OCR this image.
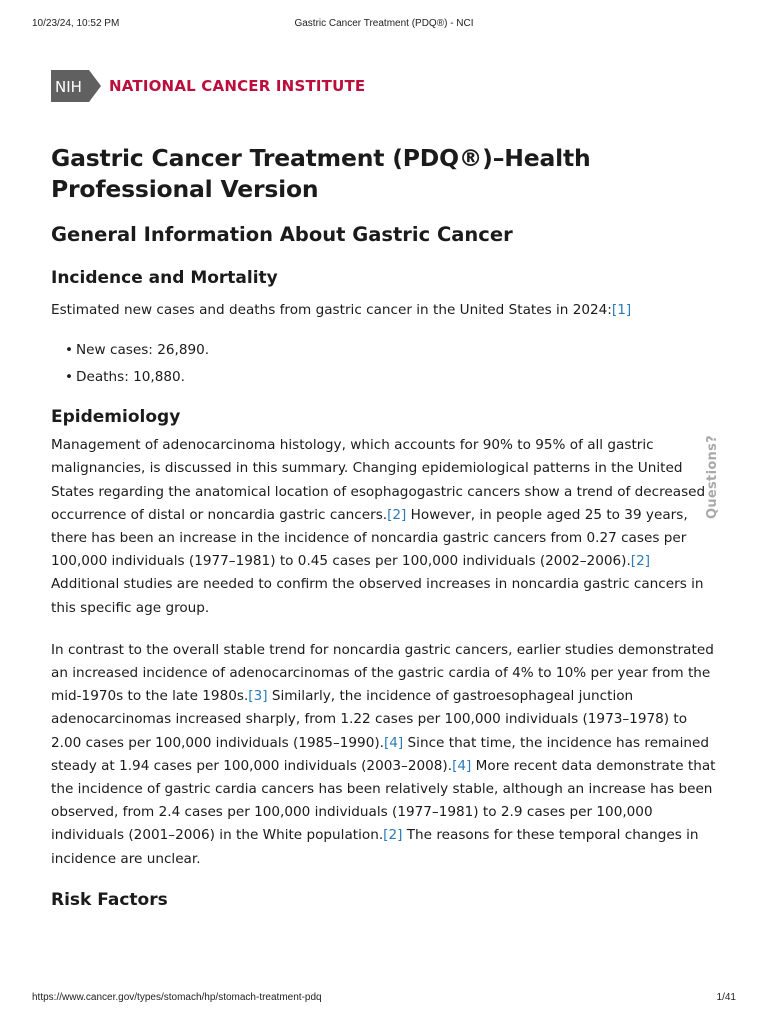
10/23/24, 10:52 PM	Gastric Cancer Treatment (PDQ®) - NCI
NIH NATIONAL CANCER INSTITUTE
Gastric Cancer Treatment (PDQ®)–Health Professional Version
General Information About Gastric Cancer
Incidence and Mortality

Estimated new cases and deaths from gastric cancer in the United States in 2024:[1]

• New cases: 26,890.
• Deaths: 10,880.
Epidemiology

Management of adenocarcinoma histology, which accounts for 90% to 95% of all gastric malignancies, is discussed in this summary. Changing epidemiological patterns in the United States regarding the anatomical location of esophagogastric cancers show a trend of decreased occurrence of distal or noncardia gastric cancers.[2] However, in people aged 25 to 39 years, there has been an increase in the incidence of noncardia gastric cancers from 0.27 cases per 100,000 individuals (1977–1981) to 0.45 cases per 100,000 individuals (2002–2006).[2] Additional studies are needed to confirm the observed increases in noncardia gastric cancers in this specific age group.

In contrast to the overall stable trend for noncardia gastric cancers, earlier studies demonstrated an increased incidence of adenocarcinomas of the gastric cardia of 4% to 10% per year from the mid-1970s to the late 1980s.[3] Similarly, the incidence of gastroesophageal junction adenocarcinomas increased sharply, from 1.22 cases per 100,000 individuals (1973–1978) to 2.00 cases per 100,000 individuals (1985–1990).[4] Since that time, the incidence has remained steady at 1.94 cases per 100,000 individuals (2003–2008).[4] More recent data demonstrate that the incidence of gastric cardia cancers has been relatively stable, although an increase has been observed, from 2.4 cases per 100,000 individuals (1977–1981) to 2.9 cases per 100,000 individuals (2001–2006) in the White population.[2] The reasons for these temporal changes in incidence are unclear.

Risk Factors
Questions?
https://www.cancer.gov/types/stomach/hp/stomach-treatment-pdq	1/41
